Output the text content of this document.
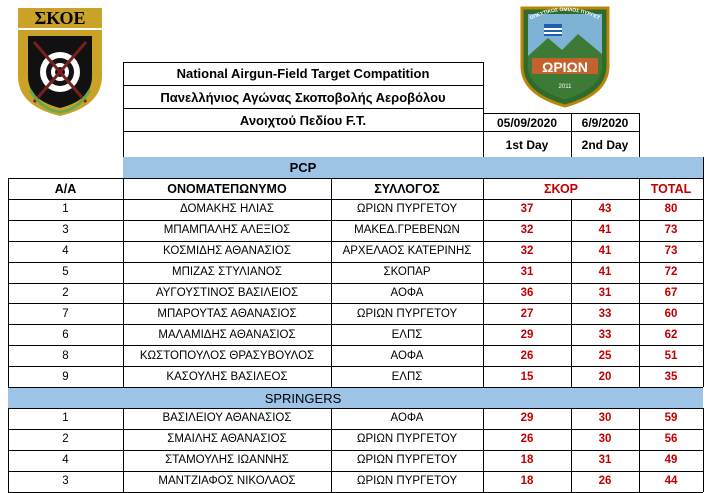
ΣΚΟΕ
ΩΡΙΩΝ
2011
ΟΠΕΥΤΙΚΟΣ ΟΜΙΛΟΣ ΠΥΡΓΕΤ
National Airgun-Field Target Compatition
Πανελλήνιος Αγώνας Σκοποβολής Αεροβόλου
Ανοιχτού Πεδίου F.T.	05/09/2020	6/9/2020
1st Day	2nd Day
PCP
Α/Α	ΟΝΟΜΑΤΕΠΩΝΥΜΟ	ΣΥΛΛΟΓΟΣ	ΣΚΟΡ	TOTAL
1	ΔΟΜΑΚΗΣ ΗΛΙΑΣ	ΩΡΙΩΝ ΠΥΡΓΕΤΟΥ	37	43	80
3	ΜΠΑΜΠΑΛΗΣ ΑΛΕΞΙΟΣ	ΜΑΚΕΔ.ΓΡΕΒΕΝΩΝ	32	41	73
4	ΚΟΣΜΙΔΗΣ ΑΘΑΝΑΣΙΟΣ	ΑΡΧΕΛΑΟΣ ΚΑΤΕΡΙΝΗΣ	32	41	73
5	ΜΠΙΖΑΣ ΣΤΥΛΙΑΝΟΣ	ΣΚΟΠΑΡ	31	41	72
2	ΑΥΓΟΥΣΤΙΝΟΣ ΒΑΣΙΛΕΙΟΣ	ΑΟΦΑ	36	31	67
7	ΜΠΑΡΟΥΤΑΣ ΑΘΑΝΑΣΙΟΣ	ΩΡΙΩΝ ΠΥΡΓΕΤΟΥ	27	33	60
6	ΜΑΛΑΜΙΔΗΣ ΑΘΑΝΑΣΙΟΣ	ΕΛΠΣ	29	33	62
8	ΚΩΣΤΟΠΟΥΛΟΣ ΘΡΑΣΥΒΟΥΛΟΣ	ΑΟΦΑ	26	25	51
9	ΚΑΣΟΥΛΗΣ ΒΑΣΙΛΕΟΣ	ΕΛΠΣ	15	20	35
SPRINGERS
1	ΒΑΣΙΛΕΙΟΥ ΑΘΑΝΑΣΙΟΣ	ΑΟΦΑ	29	30	59
2	ΣΜΑΙΛΗΣ ΑΘΑΝΑΣΙΟΣ	ΩΡΙΩΝ ΠΥΡΓΕΤΟΥ	26	30	56
4	ΣΤΑΜΟΥΛΗΣ ΙΩΑΝΝΗΣ	ΩΡΙΩΝ ΠΥΡΓΕΤΟΥ	18	31	49
3	ΜΑΝΤΖΙΑΦΟΣ ΝΙΚΟΛΑΟΣ	ΩΡΙΩΝ ΠΥΡΓΕΤΟΥ	18	26	44
